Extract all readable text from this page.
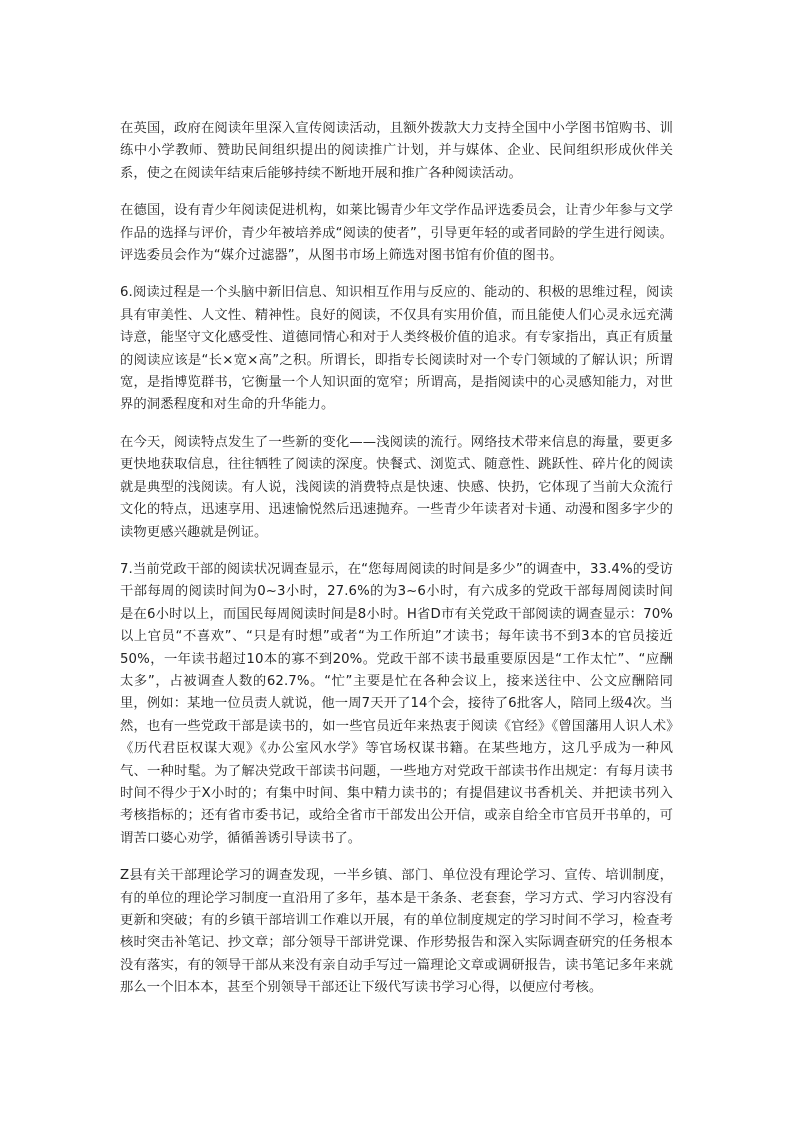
在英国，政府在阅读年里深入宣传阅读活动，且额外拨款大力支持全国中小学图书馆购书、训练中小学教师、赞助民间组织提出的阅读推广计划，并与媒体、企业、民间组织形成伙伴关系，使之在阅读年结束后能够持续不断地开展和推广各种阅读活动。

在德国，设有青少年阅读促进机构，如莱比锡青少年文学作品评选委员会，让青少年参与文学作品的选择与评价，青少年被培养成“阅读的使者”，引导更年轻的或者同龄的学生进行阅读。评选委员会作为“媒介过滤器”，从图书市场上筛选对图书馆有价值的图书。

6.阅读过程是一个头脑中新旧信息、知识相互作用与反应的、能动的、积极的思维过程，阅读具有审美性、人文性、精神性。良好的阅读，不仅具有实用价值，而且能使人们心灵永远充满诗意，能坚守文化感受性、道德同情心和对于人类终极价值的追求。有专家指出，真正有质量的阅读应该是“长×宽×高”之积。所谓长，即指专长阅读时对一个专门领域的了解认识；所谓宽，是指博览群书，它衡量一个人知识面的宽窄；所谓高，是指阅读中的心灵感知能力，对世界的洞悉程度和对生命的升华能力。

在今天，阅读特点发生了一些新的变化——浅阅读的流行。网络技术带来信息的海量，要更多更快地获取信息，往往牺牲了阅读的深度。快餐式、浏览式、随意性、跳跃性、碎片化的阅读就是典型的浅阅读。有人说，浅阅读的消费特点是快速、快感、快扔，它体现了当前大众流行文化的特点，迅速享用、迅速愉悦然后迅速抛弃。一些青少年读者对卡通、动漫和图多字少的读物更感兴趣就是例证。

7.当前党政干部的阅读状况调查显示，在“您每周阅读的时间是多少”的调查中，33.4%的受访干部每周的阅读时间为0~3小时，27.6%的为3~6小时，有六成多的党政干部每周阅读时间是在6小时以上，而国民每周阅读时间是8小时。H省D市有关党政干部阅读的调查显示：70%以上官员“不喜欢”、“只是有时想”或者“为工作所迫”才读书；每年读书不到3本的官员接近50%，一年读书超过10本的寡不到20%。党政干部不读书最重要原因是“工作太忙”、“应酬太多”，占被调查人数的62.7%。“忙”主要是忙在各种会议上，接来送往中、公文应酬陪同里，例如：某地一位员责人就说，他一周7天开了14个会，接待了6批客人，陪同上级4次。当然，也有一些党政干部是读书的，如一些官员近年来热衷于阅读《官经》《曾国藩用人识人术》《历代君臣权谋大观》《办公室风水学》等官场权谋书籍。在某些地方，这几乎成为一种风气、一种时髦。为了解决党政干部读书问题，一些地方对党政干部读书作出规定：有每月读书时间不得少于X小时的；有集中时间、集中精力读书的；有提倡建议书香机关、并把读书列入考核指标的；还有省市委书记，或给全省市干部发出公开信，或亲自给全市官员开书单的，可谓苦口婆心劝学，循循善诱引导读书了。

Z县有关干部理论学习的调查发现，一半乡镇、部门、单位没有理论学习、宣传、培训制度，有的单位的理论学习制度一直沿用了多年，基本是干条条、老套套，学习方式、学习内容没有更新和突破；有的乡镇干部培训工作难以开展，有的单位制度规定的学习时间不学习，检查考核时突击补笔记、抄文章；部分领导干部讲党课、作形势报告和深入实际调查研究的任务根本没有落实，有的领导干部从来没有亲自动手写过一篇理论文章或调研报告，读书笔记多年来就那么一个旧本本，甚至个别领导干部还让下级代写读书学习心得，以便应付考核。
